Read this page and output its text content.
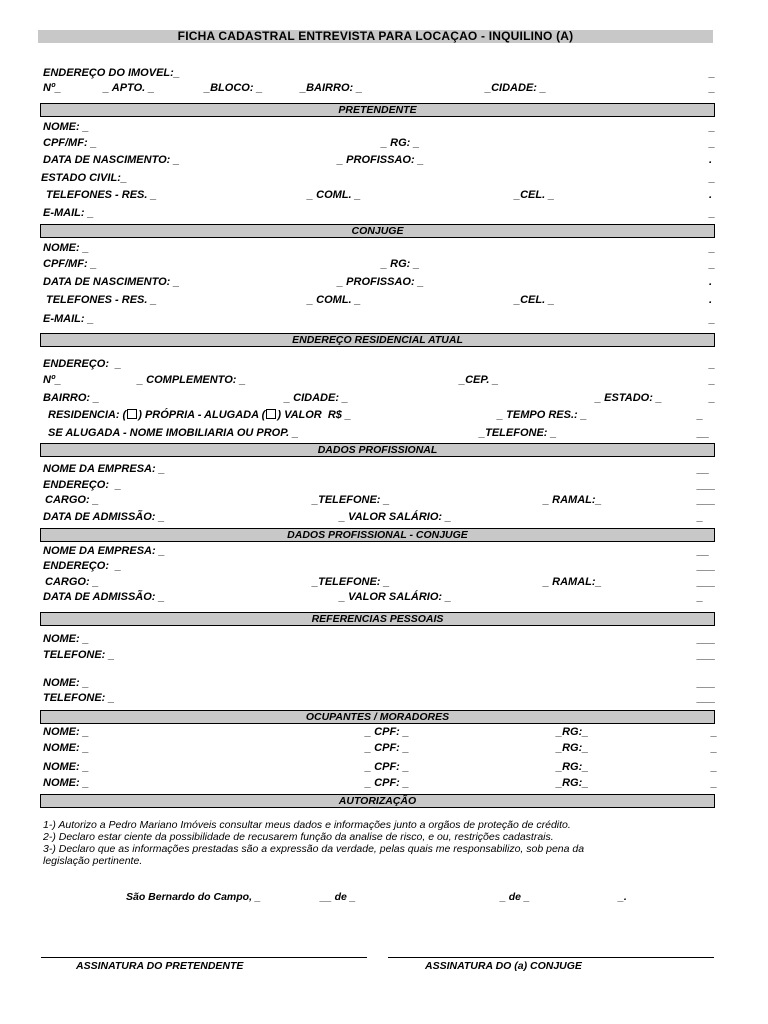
FICHA CADASTRAL ENTREVISTA PARA LOCAÇAO - INQUILINO (A)
ENDEREÇO DO IMOVEL:_	_
Nº_	_ APTO. _	_BLOCO: _	_BAIRRO: _	_CIDADE: _	_
PRETENDENTE
NOME: _	_
CPF/MF: _	_ RG: _	_
DATA DE NASCIMENTO: _	_ PROFISSAO: _	.
ESTADO CIVIL:_	_
TELEFONES - RES. _	_ COML. _	_CEL. _	.
E-MAIL: _	_
CONJUGE
NOME: _	_
CPF/MF: _	_ RG: _	_
DATA DE NASCIMENTO: _	_ PROFISSAO: _	.
TELEFONES - RES. _	_ COML. _	_CEL. _	.
E-MAIL: _	_
ENDEREÇO RESIDENCIAL ATUAL
ENDEREÇO:  _	_
Nº_	_ COMPLEMENTO: _	_CEP. _	_
BAIRRO: _	_ CIDADE: _	_ ESTADO: _	_
RESIDENCIA: ( ) PRÓPRIA - ALUGADA ( ) VALOR  R$ _	_ TEMPO RES.: _	_
SE ALUGADA - NOME IMOBILIARIA OU PROP. _	_TELEFONE: _	__
DADOS PROFISSIONAL
NOME DA EMPRESA: _	__
ENDEREÇO:  _	___
CARGO: _	_TELEFONE: _	_ RAMAL:_	___
DATA DE ADMISSÃO: _	_ VALOR SALÁRIO: _	_
DADOS PROFISSIONAL - CONJUGE
NOME DA EMPRESA: _	__
ENDEREÇO:  _	___
CARGO: _	_TELEFONE: _	_ RAMAL:_	___
DATA DE ADMISSÃO: _	_ VALOR SALÁRIO: _	_
REFERENCIAS PESSOAIS
NOME: _	___
TELEFONE: _	___
NOME: _	___
TELEFONE: _	___
OCUPANTES / MORADORES
NOME: _	_ CPF: _	_RG:_	_
NOME: _	_ CPF: _	_RG:_	_
NOME: _	_ CPF: _	_RG:_	_
NOME: _	_ CPF: _	_RG:_	_
AUTORIZAÇÃO
1-) Autorizo a Pedro Mariano Imóveis consultar meus dados e informações junto a orgãos de proteção de crédito.
2-) Declaro estar ciente da possibilidade de recusarem função da analise de risco, e ou, restrições cadastrais.
3-) Declaro que as informações prestadas são a expressão da verdade, pelas quais me responsabilizo, sob pena da
legislação pertinente.
São Bernardo do Campo, _	__ de _	_ de _	_.
ASSINATURA DO PRETENDENTE	ASSINATURA DO (a) CONJUGE
